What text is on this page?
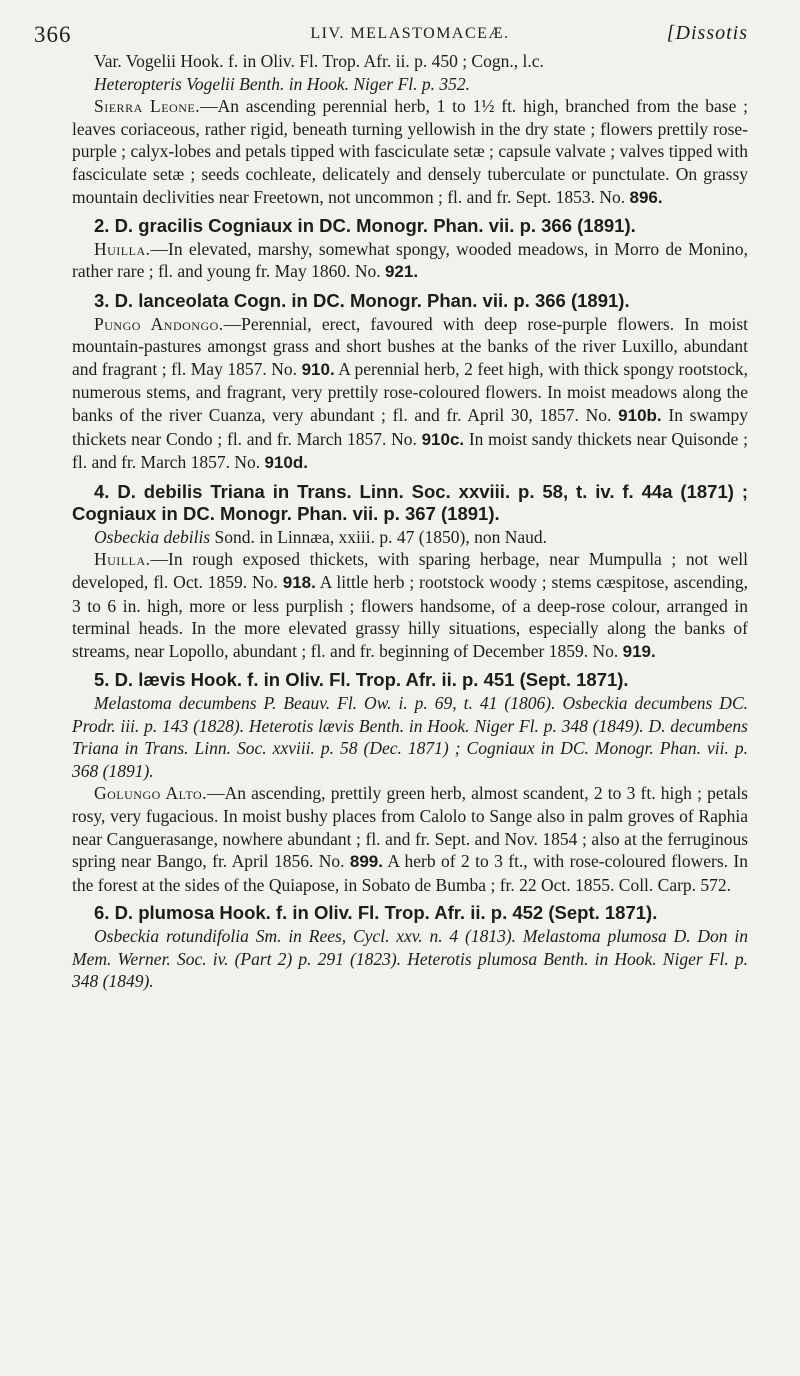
366	LIV. MELASTOMACEÆ.	[Dissotis

Var. Vogelii Hook. f. in Oliv. Fl. Trop. Afr. ii. p. 450 ; Cogn., l.c.

Heteropteris Vogelii Benth. in Hook. Niger Fl. p. 352.

Sierra Leone.—An ascending perennial herb, 1 to 1½ ft. high, branched from the base ; leaves coriaceous, rather rigid, beneath turning yellowish in the dry state ; flowers prettily rose-purple ; calyx-lobes and petals tipped with fasciculate setæ ; capsule valvate ; valves tipped with fasciculate setæ ; seeds cochleate, delicately and densely tuberculate or punctulate. On grassy mountain declivities near Freetown, not uncommon ; fl. and fr. Sept. 1853. No. 896.

2. D. gracilis Cogniaux in DC. Monogr. Phan. vii. p. 366 (1891).

Huilla.—In elevated, marshy, somewhat spongy, wooded meadows, in Morro de Monino, rather rare ; fl. and young fr. May 1860. No. 921.

3. D. lanceolata Cogn. in DC. Monogr. Phan. vii. p. 366 (1891).

Pungo Andongo.—Perennial, erect, favoured with deep rose-purple flowers. In moist mountain-pastures amongst grass and short bushes at the banks of the river Luxillo, abundant and fragrant ; fl. May 1857. No. 910. A perennial herb, 2 feet high, with thick spongy rootstock, numerous stems, and fragrant, very prettily rose-coloured flowers. In moist meadows along the banks of the river Cuanza, very abundant ; fl. and fr. April 30, 1857. No. 910b. In swampy thickets near Condo ; fl. and fr. March 1857. No. 910c. In moist sandy thickets near Quisonde ; fl. and fr. March 1857. No. 910d.

4. D. debilis Triana in Trans. Linn. Soc. xxviii. p. 58, t. iv. f. 44a (1871) ; Cogniaux in DC. Monogr. Phan. vii. p. 367 (1891).

Osbeckia debilis Sond. in Linnæa, xxiii. p. 47 (1850), non Naud.

Huilla.—In rough exposed thickets, with sparing herbage, near Mumpulla ; not well developed, fl. Oct. 1859. No. 918. A little herb ; rootstock woody ; stems cæspitose, ascending, 3 to 6 in. high, more or less purplish ; flowers handsome, of a deep-rose colour, arranged in terminal heads. In the more elevated grassy hilly situations, especially along the banks of streams, near Lopollo, abundant ; fl. and fr. beginning of December 1859. No. 919.

5. D. lævis Hook. f. in Oliv. Fl. Trop. Afr. ii. p. 451 (Sept. 1871).

Melastoma decumbens P. Beauv. Fl. Ow. i. p. 69, t. 41 (1806). Osbeckia decumbens DC. Prodr. iii. p. 143 (1828). Heterotis lævis Benth. in Hook. Niger Fl. p. 348 (1849). D. decumbens Triana in Trans. Linn. Soc. xxviii. p. 58 (Dec. 1871) ; Cogniaux in DC. Monogr. Phan. vii. p. 368 (1891).

Golungo Alto.—An ascending, prettily green herb, almost scandent, 2 to 3 ft. high ; petals rosy, very fugacious. In moist bushy places from Calolo to Sange also in palm groves of Raphia near Canguerasange, nowhere abundant ; fl. and fr. Sept. and Nov. 1854 ; also at the ferruginous spring near Bango, fr. April 1856. No. 899. A herb of 2 to 3 ft., with rose-coloured flowers. In the forest at the sides of the Quiapose, in Sobato de Bumba ; fr. 22 Oct. 1855. Coll. Carp. 572.

6. D. plumosa Hook. f. in Oliv. Fl. Trop. Afr. ii. p. 452 (Sept. 1871).

Osbeckia rotundifolia Sm. in Rees, Cycl. xxv. n. 4 (1813). Melastoma plumosa D. Don in Mem. Werner. Soc. iv. (Part 2) p. 291 (1823). Heterotis plumosa Benth. in Hook. Niger Fl. p. 348 (1849).
